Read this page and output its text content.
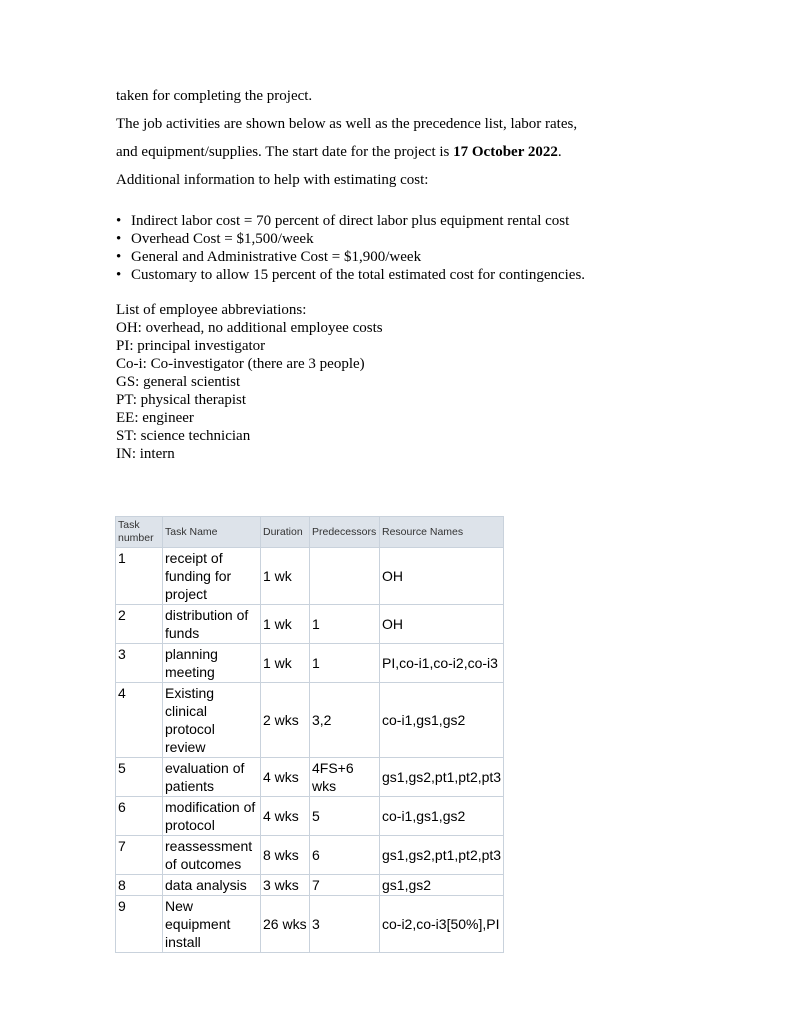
taken for completing the project.
The job activities are shown below as well as the precedence list, labor rates,
and equipment/supplies. The start date for the project is 17 October 2022.
Additional information to help with estimating cost:
• Indirect labor cost = 70 percent of direct labor plus equipment rental cost
• Overhead Cost = $1,500/week
• General and Administrative Cost = $1,900/week
• Customary to allow 15 percent of the total estimated cost for contingencies.
List of employee abbreviations:
OH: overhead, no additional employee costs
PI: principal investigator
Co-i: Co-investigator (there are 3 people)
GS: general scientist
PT: physical therapist
EE: engineer
ST: science technician
IN: intern
Task number	Task Name	Duration	Predecessors	Resource Names
1	receipt of funding for project	1 wk		OH
2	distribution of funds	1 wk	1	OH
3	planning meeting	1 wk	1	PI,co-i1,co-i2,co-i3
4	Existing clinical protocol review	2 wks	3,2	co-i1,gs1,gs2
5	evaluation of patients	4 wks	4FS+6 wks	gs1,gs2,pt1,pt2,pt3
6	modification of protocol	4 wks	5	co-i1,gs1,gs2
7	reassessment of outcomes	8 wks	6	gs1,gs2,pt1,pt2,pt3
8	data analysis	3 wks	7	gs1,gs2
9	New equipment install	26 wks	3	co-i2,co-i3[50%],PI
